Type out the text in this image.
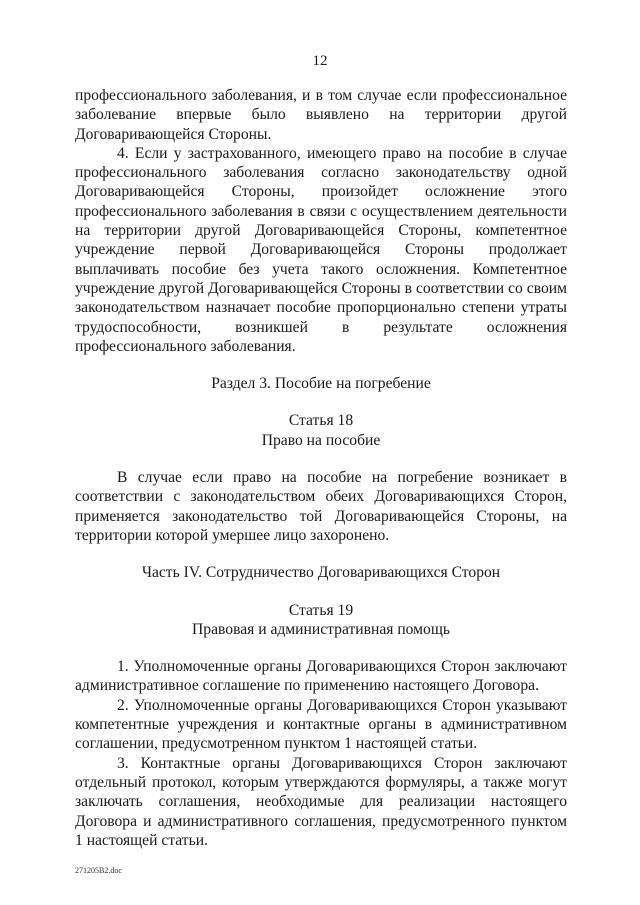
12

профессионального заболевания, и в том случае если профессиональное заболевание впервые было выявлено на территории другой Договаривающейся Стороны.

4. Если у застрахованного, имеющего право на пособие в случае профессионального заболевания согласно законодательству одной Договаривающейся Стороны, произойдет осложнение этого профессионального заболевания в связи с осуществлением деятельности на территории другой Договаривающейся Стороны, компетентное учреждение первой Договаривающейся Стороны продолжает выплачивать пособие без учета такого осложнения. Компетентное учреждение другой Договаривающейся Стороны в соответствии со своим законодательством назначает пособие пропорционально степени утраты трудоспособности, возникшей в результате осложнения профессионального заболевания.

Раздел 3. Пособие на погребение

Статья 18

Право на пособие

В случае если право на пособие на погребение возникает в соответствии с законодательством обеих Договаривающихся Сторон, применяется законодательство той Договаривающейся Стороны, на территории которой умершее лицо захоронено.

Часть IV. Сотрудничество Договаривающихся Сторон

Статья 19

Правовая и административная помощь

1. Уполномоченные органы Договаривающихся Сторон заключают административное соглашение по применению настоящего Договора.

2. Уполномоченные органы Договаривающихся Сторон указывают компетентные учреждения и контактные органы в административном соглашении, предусмотренном пунктом 1 настоящей статьи.

3. Контактные органы Договаривающихся Сторон заключают отдельный протокол, которым утверждаются формуляры, а также могут заключать соглашения, необходимые для реализации настоящего Договора и административного соглашения, предусмотренного пунктом 1 настоящей статьи.

271205B2.doc
